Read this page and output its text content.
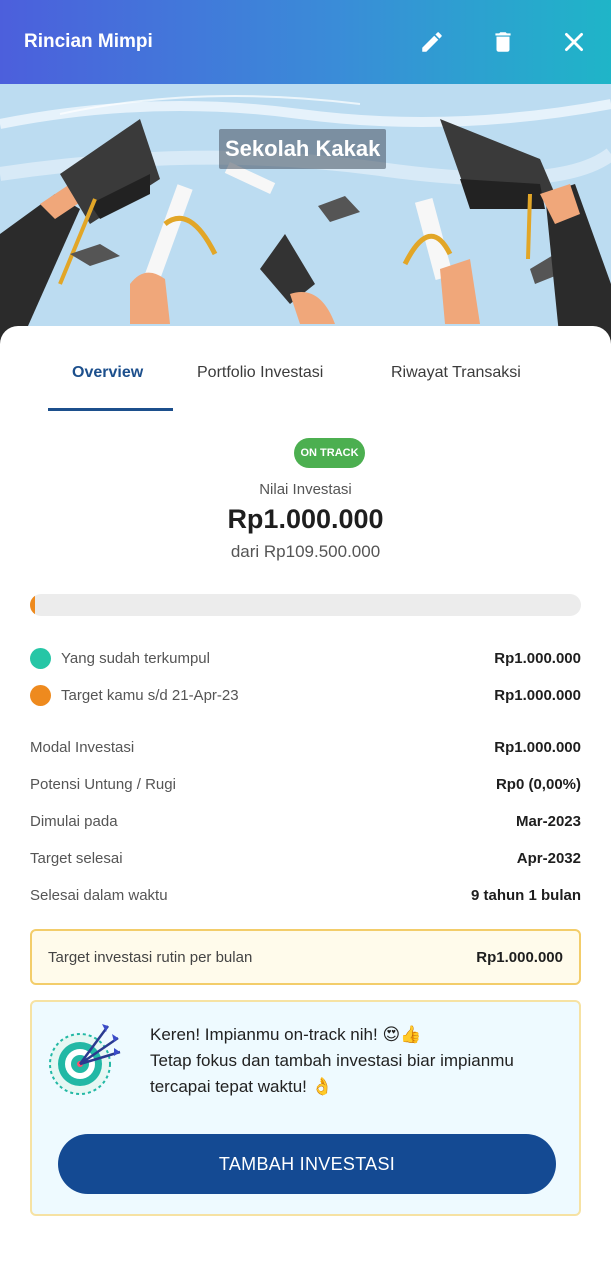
Rincian Mimpi
Sekolah Kakak
Overview	Portfolio Investasi	Riwayat Transaksi
ON TRACK
Nilai Investasi
Rp1.000.000
dari Rp109.500.000
Yang sudah terkumpul	Rp1.000.000
Target kamu s/d 21-Apr-23	Rp1.000.000
Modal Investasi	Rp1.000.000
Potensi Untung / Rugi	Rp0 (0,00%)
Dimulai pada	Mar-2023
Target selesai	Apr-2032
Selesai dalam waktu	9 tahun 1 bulan
Target investasi rutin per bulan	Rp1.000.000
Keren! Impianmu on-track nih! 😍👍
Tetap fokus dan tambah investasi biar impianmu tercapai tepat waktu! 👌
TAMBAH INVESTASI
